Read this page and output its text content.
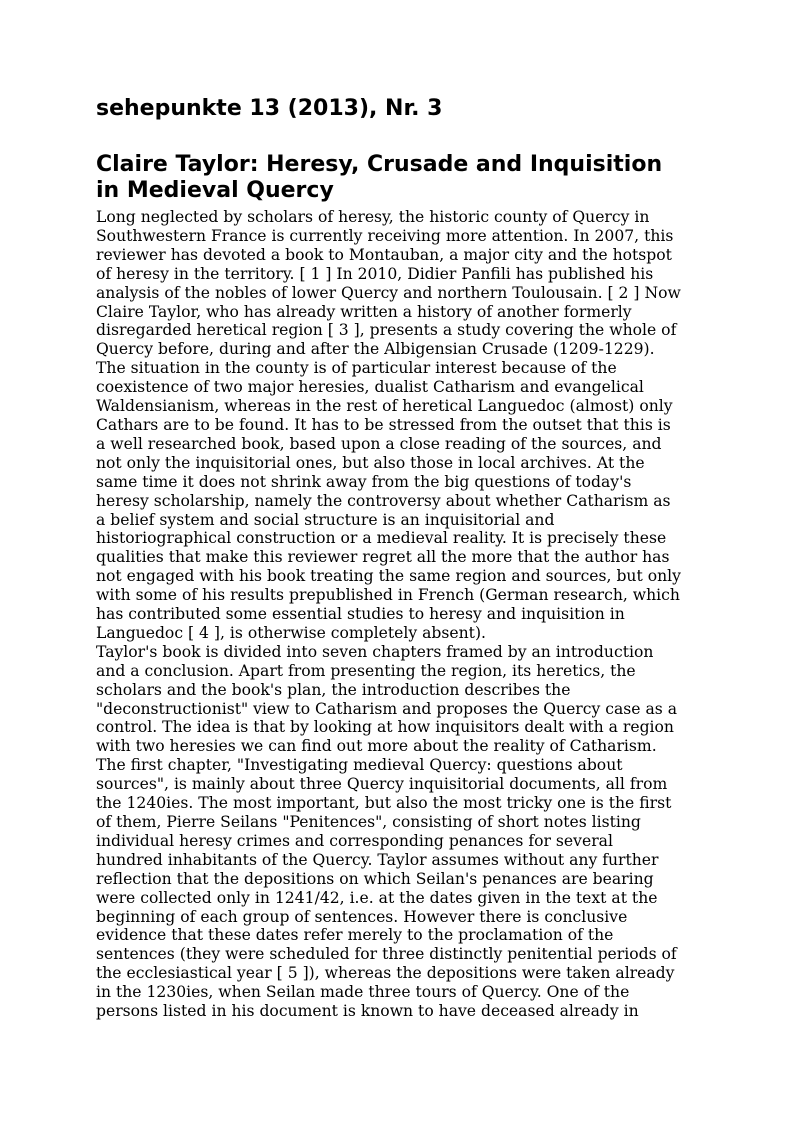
sehepunkte 13 (2013), Nr. 3
Claire Taylor: Heresy, Crusade and Inquisition
in Medieval Quercy

Long neglected by scholars of heresy, the historic county of Quercy in
Southwestern France is currently receiving more attention. In 2007, this
reviewer has devoted a book to Montauban, a major city and the hotspot
of heresy in the territory. [ 1 ] In 2010, Didier Panfili has published his
analysis of the nobles of lower Quercy and northern Toulousain. [ 2 ] Now
Claire Taylor, who has already written a history of another formerly
disregarded heretical region [ 3 ], presents a study covering the whole of
Quercy before, during and after the Albigensian Crusade (1209-1229).
The situation in the county is of particular interest because of the
coexistence of two major heresies, dualist Catharism and evangelical
Waldensianism, whereas in the rest of heretical Languedoc (almost) only
Cathars are to be found. It has to be stressed from the outset that this is
a well researched book, based upon a close reading of the sources, and
not only the inquisitorial ones, but also those in local archives. At the
same time it does not shrink away from the big questions of today's
heresy scholarship, namely the controversy about whether Catharism as
a belief system and social structure is an inquisitorial and
historiographical construction or a medieval reality. It is precisely these
qualities that make this reviewer regret all the more that the author has
not engaged with his book treating the same region and sources, but only
with some of his results prepublished in French (German research, which
has contributed some essential studies to heresy and inquisition in
Languedoc [ 4 ], is otherwise completely absent).

Taylor's book is divided into seven chapters framed by an introduction
and a conclusion. Apart from presenting the region, its heretics, the
scholars and the book's plan, the introduction describes the
"deconstructionist" view to Catharism and proposes the Quercy case as a
control. The idea is that by looking at how inquisitors dealt with a region
with two heresies we can find out more about the reality of Catharism.
The first chapter, "Investigating medieval Quercy: questions about
sources", is mainly about three Quercy inquisitorial documents, all from
the 1240ies. The most important, but also the most tricky one is the first
of them, Pierre Seilans "Penitences", consisting of short notes listing
individual heresy crimes and corresponding penances for several
hundred inhabitants of the Quercy. Taylor assumes without any further
reflection that the depositions on which Seilan's penances are bearing
were collected only in 1241/42, i.e. at the dates given in the text at the
beginning of each group of sentences. However there is conclusive
evidence that these dates refer merely to the proclamation of the
sentences (they were scheduled for three distinctly penitential periods of
the ecclesiastical year [ 5 ]), whereas the depositions were taken already
in the 1230ies, when Seilan made three tours of Quercy. One of the
persons listed in his document is known to have deceased already in
